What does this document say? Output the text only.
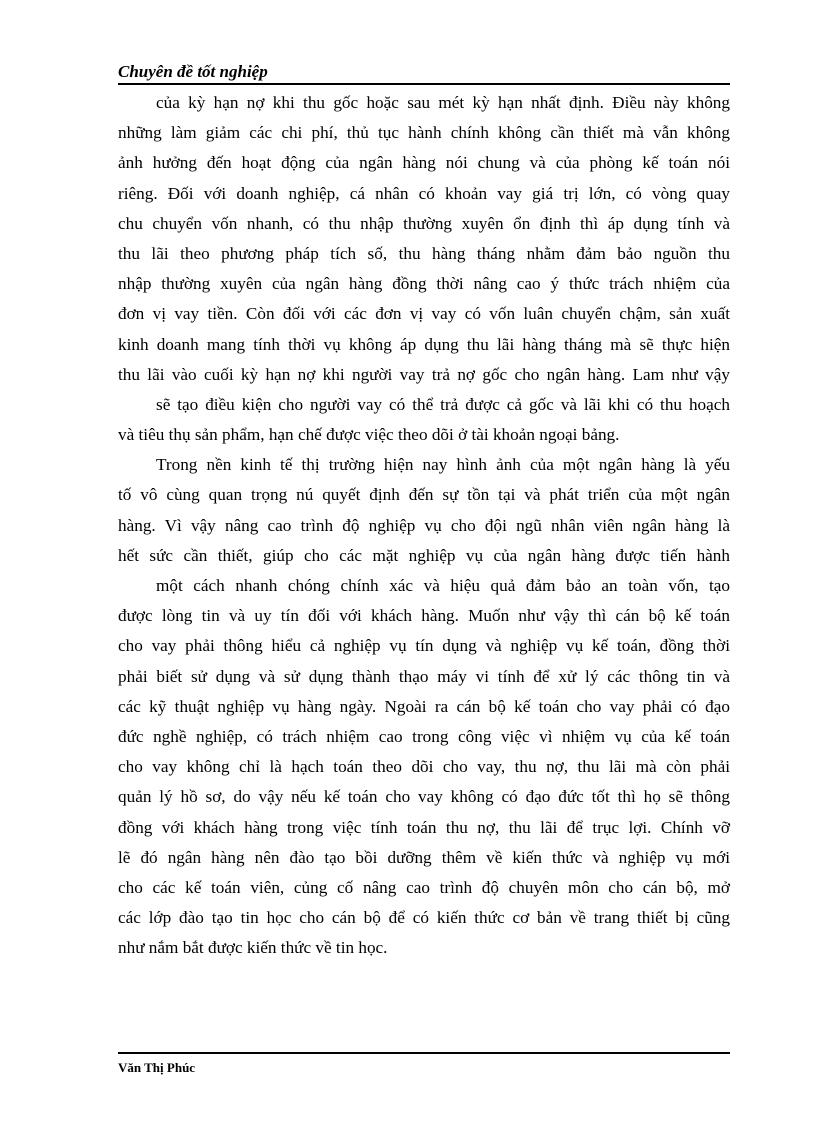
Chuyên đề tốt nghiệp
của kỳ hạn nợ khi thu gốc hoặc sau mét kỳ hạn nhất định. Điều này không
những làm giảm các chi phí, thủ tục hành chính không cần thiết mà vẫn không
ảnh hưởng đến hoạt động của ngân hàng nói chung và của phòng kế toán nói
riêng. Đối với doanh nghiệp, cá nhân có khoản vay giá trị lớn, có vòng quay
chu chuyển vốn nhanh, có thu nhập thường xuyên ổn định thì áp dụng tính và
thu lãi theo phương pháp tích số, thu hàng tháng nhằm đảm bảo nguồn thu
nhập thường xuyên của ngân hàng đồng thời nâng cao ý thức trách nhiệm của
đơn vị vay tiền. Còn đối với các đơn vị vay có vốn luân chuyển chậm, sản xuất
kinh doanh mang tính thời vụ không áp dụng thu lãi hàng tháng mà sẽ thực hiện
thu lãi vào cuối kỳ hạn nợ khi người vay trả nợ gốc cho ngân hàng. Lam như vậy
sẽ tạo điều kiện cho người vay có thể trả được cả gốc và lãi khi có thu hoạch
và tiêu thụ sản phẩm, hạn chế được việc theo dõi ở tài khoản ngoại bảng.
Trong nền kinh tế thị trường hiện nay hình ảnh của một ngân hàng là yếu
tố vô cùng quan trọng nú quyết định đến sự tồn tại và phát triển của một ngân
hàng. Vì vậy nâng cao trình độ nghiệp vụ cho đội ngũ nhân viên ngân hàng là
hết sức cần thiết, giúp cho các mặt nghiệp vụ của ngân hàng được tiến hành
một cách nhanh chóng chính xác và hiệu quả đảm bảo an toàn vốn, tạo
được lòng tin và uy tín đối với khách hàng. Muốn như vậy thì cán bộ kế toán
cho vay phải thông hiểu cả nghiệp vụ tín dụng và nghiệp vụ kế toán, đồng thời
phải biết sử dụng và sử dụng thành thạo máy vi tính để xử lý các thông tin và
các kỹ thuật nghiệp vụ hàng ngày. Ngoài ra cán bộ kế toán cho vay phải có đạo
đức nghề nghiệp, có trách nhiệm cao trong công việc vì nhiệm vụ của kế toán
cho vay không chỉ là hạch toán theo dõi cho vay, thu nợ, thu lãi mà còn phải
quản lý hồ sơ, do vậy nếu kế toán cho vay không có đạo đức tốt thì họ sẽ thông
đồng với khách hàng trong việc tính toán thu nợ, thu lãi để trục lợi. Chính vỡ
lẽ đó ngân hàng nên đào tạo bồi dưỡng thêm về kiến thức và nghiệp vụ mới
cho các kế toán viên, củng cố nâng cao trình độ chuyên môn cho cán bộ, mở
các lớp đào tạo tin học cho cán bộ để có kiến thức cơ bản về trang thiết bị cũng
như nắm bắt được kiến thức về tin học.
Văn Thị Phúc
